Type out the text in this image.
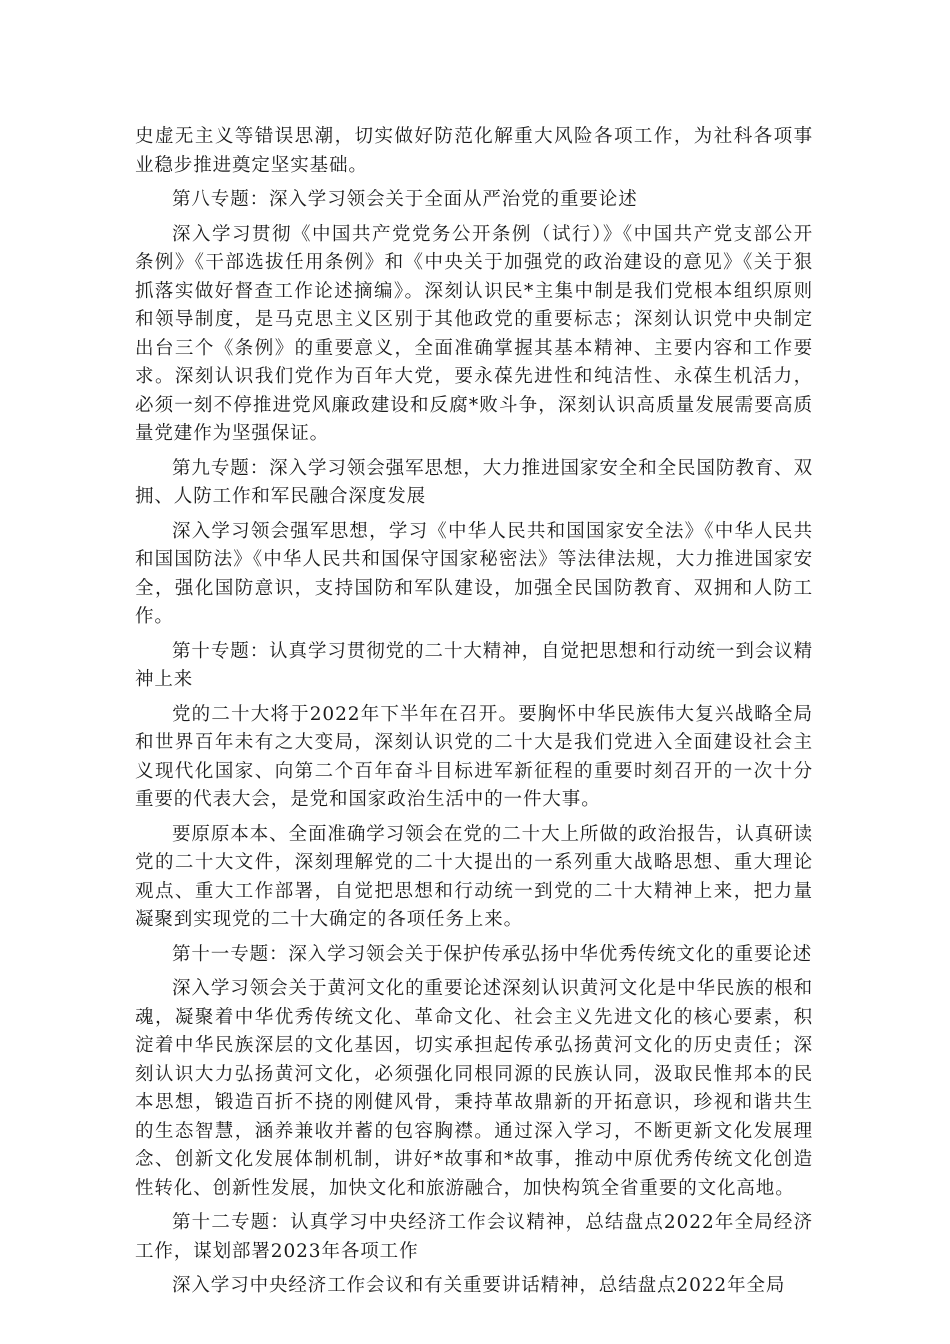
史虚无主义等错误思潮，切实做好防范化解重大风险各项工作，为社科各项事业稳步推进奠定坚实基础。

第八专题：深入学习领会关于全面从严治党的重要论述

深入学习贯彻《中国共产党党务公开条例（试行）》《中国共产党支部公开条例》《干部选拔任用条例》和《中央关于加强党的政治建设的意见》《关于狠抓落实做好督查工作论述摘编》。深刻认识民*主集中制是我们党根本组织原则和领导制度，是马克思主义区别于其他政党的重要标志；深刻认识党中央制定出台三个《条例》的重要意义，全面准确掌握其基本精神、主要内容和工作要求。深刻认识我们党作为百年大党，要永葆先进性和纯洁性、永葆生机活力，必须一刻不停推进党风廉政建设和反腐*败斗争，深刻认识高质量发展需要高质量党建作为坚强保证。

第九专题：深入学习领会强军思想，大力推进国家安全和全民国防教育、双拥、人防工作和军民融合深度发展

深入学习领会强军思想，学习《中华人民共和国国家安全法》《中华人民共和国国防法》《中华人民共和国保守国家秘密法》等法律法规，大力推进国家安全，强化国防意识，支持国防和军队建设，加强全民国防教育、双拥和人防工作。

第十专题：认真学习贯彻党的二十大精神，自觉把思想和行动统一到会议精神上来

党的二十大将于2022年下半年在召开。要胸怀中华民族伟大复兴战略全局和世界百年未有之大变局，深刻认识党的二十大是我们党进入全面建设社会主义现代化国家、向第二个百年奋斗目标进军新征程的重要时刻召开的一次十分重要的代表大会，是党和国家政治生活中的一件大事。

要原原本本、全面准确学习领会在党的二十大上所做的政治报告，认真研读党的二十大文件，深刻理解党的二十大提出的一系列重大战略思想、重大理论观点、重大工作部署，自觉把思想和行动统一到党的二十大精神上来，把力量凝聚到实现党的二十大确定的各项任务上来。

第十一专题：深入学习领会关于保护传承弘扬中华优秀传统文化的重要论述

深入学习领会关于黄河文化的重要论述深刻认识黄河文化是中华民族的根和魂，凝聚着中华优秀传统文化、革命文化、社会主义先进文化的核心要素，积淀着中华民族深层的文化基因，切实承担起传承弘扬黄河文化的历史责任；深刻认识大力弘扬黄河文化，必须强化同根同源的民族认同，汲取民惟邦本的民本思想，锻造百折不挠的刚健风骨，秉持革故鼎新的开拓意识，珍视和谐共生的生态智慧，涵养兼收并蓄的包容胸襟。通过深入学习，不断更新文化发展理念、创新文化发展体制机制，讲好*故事和*故事，推动中原优秀传统文化创造性转化、创新性发展，加快文化和旅游融合，加快构筑全省重要的文化高地。

第十二专题：认真学习中央经济工作会议精神，总结盘点2022年全局经济工作，谋划部署2023年各项工作

深入学习中央经济工作会议和有关重要讲话精神，总结盘点2022年全局
